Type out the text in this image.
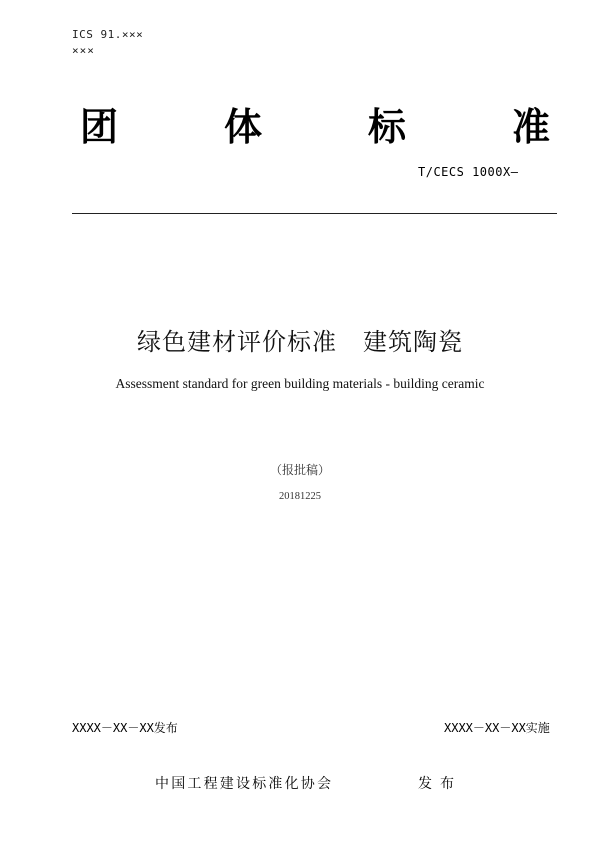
ICS 91.×××
×××
团	体	标	准
T/CECS 1000X—
绿色建材评价标准 建筑陶瓷
Assessment standard for green building materials - building ceramic
（报批稿）
20181225
XXXX－XX－XX发布	XXXX－XX－XX实施
中国工程建设标准化协会	发布
